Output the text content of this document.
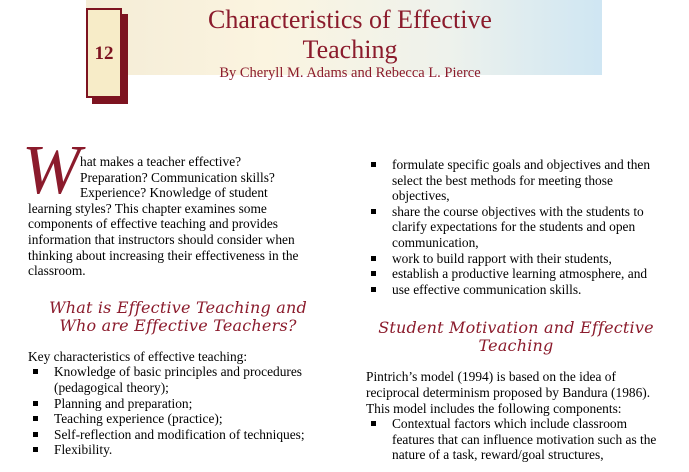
12
Characteristics of Effective
Teaching
By Cheryll M. Adams and Rebecca L. Pierce
W hat makes a teacher effective?
Preparation? Communication skills?
Experience? Knowledge of student
learning styles? This chapter examines some components of effective teaching and provides information that instructors should consider when thinking about increasing their effectiveness in the classroom.
What is Effective Teaching and Who are Effective Teachers?
Key characteristics of effective teaching:
Knowledge of basic principles and procedures (pedagogical theory);
Planning and preparation;
Teaching experience (practice);
Self-reflection and modification of techniques;
Flexibility.
formulate specific goals and objectives and then select the best methods for meeting those objectives,
share the course objectives with the students to clarify expectations for the students and open communication,
work to build rapport with their students,
establish a productive learning atmosphere, and
use effective communication skills.
Student Motivation and Effective Teaching
Pintrich’s model (1994) is based on the idea of reciprocal determinism proposed by Bandura (1986). This model includes the following components:
Contextual factors which include classroom features that can influence motivation such as the nature of a task, reward/goal structures,
